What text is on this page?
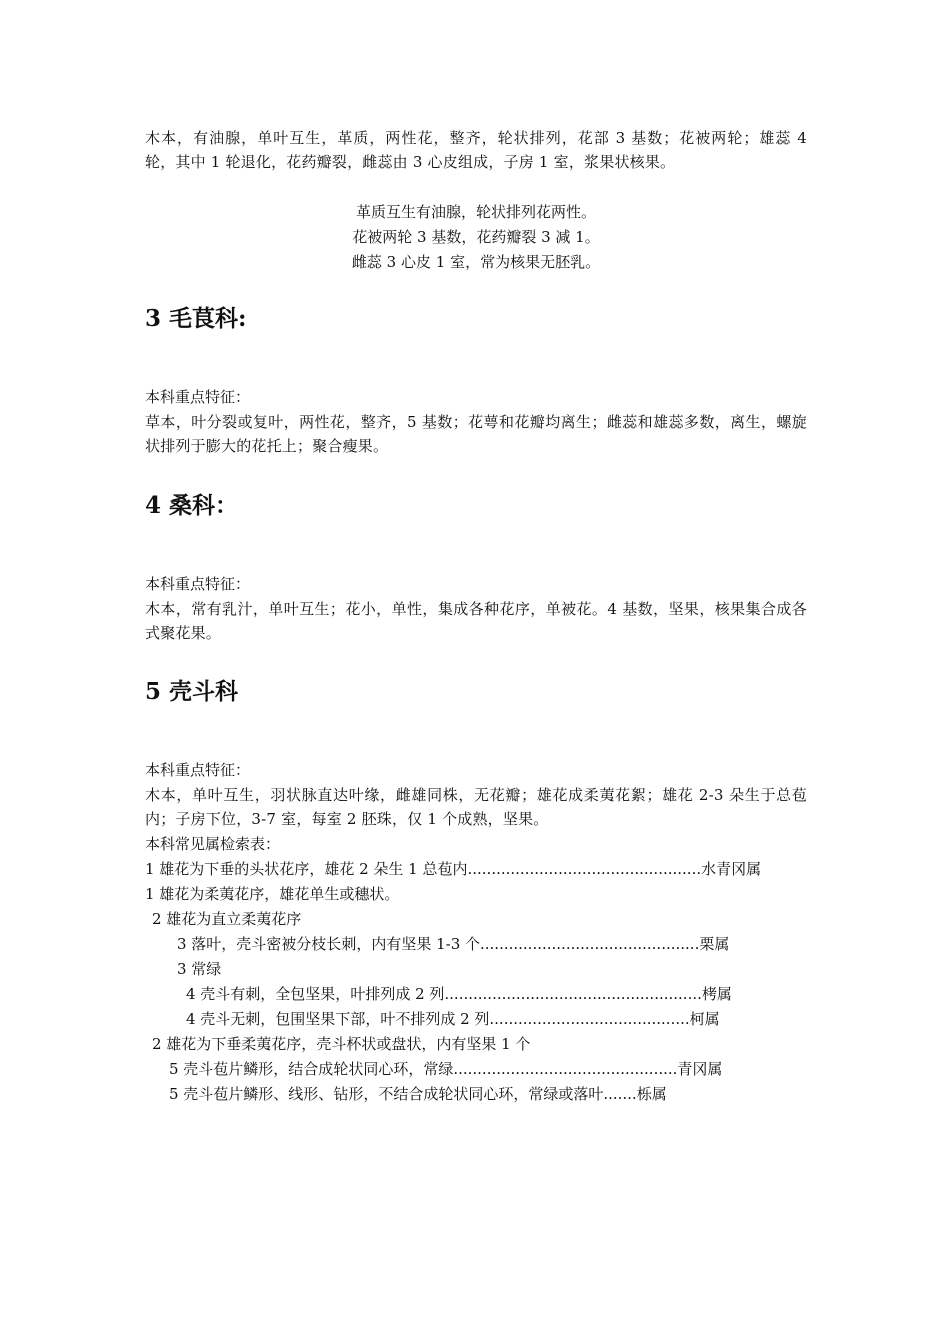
木本，有油腺，单叶互生，革质，两性花，整齐，轮状排列，花部 3 基数；花被两轮；雄蕊 4 轮，其中 1 轮退化，花药瓣裂，雌蕊由 3 心皮组成，子房 1 室，浆果状核果。
革质互生有油腺，轮状排列花两性。
花被两轮 3 基数，花药瓣裂 3 减 1。
雌蕊 3 心皮 1 室，常为核果无胚乳。
3 毛茛科:
本科重点特征：
草本，叶分裂或复叶，两性花，整齐，5 基数；花萼和花瓣均离生；雌蕊和雄蕊多数，离生，螺旋状排列于膨大的花托上；聚合瘦果。
4 桑科：
本科重点特征：
木本，常有乳汁，单叶互生；花小，单性，集成各种花序，单被花。4 基数，坚果，核果集合成各式聚花果。
5 壳斗科
本科重点特征：
木本，单叶互生，羽状脉直达叶缘，雌雄同株，无花瓣；雄花成柔荑花絮；雄花 2-3 朵生于总苞内；子房下位，3-7 室，每室 2 胚珠，仅 1 个成熟，坚果。
本科常见属检索表：
1 雄花为下垂的头状花序，雄花 2 朵生 1 总苞内.................................................水青冈属
1 雄花为柔荑花序，雄花单生或穗状。
2 雄花为直立柔荑花序
3 落叶，壳斗密被分枝长刺，内有坚果 1-3 个..............................................栗属
3 常绿
4 壳斗有刺，全包坚果，叶排列成 2 列......................................................栲属
4 壳斗无刺，包围坚果下部，叶不排列成 2 列..........................................柯属
2 雄花为下垂柔荑花序，壳斗杯状或盘状，内有坚果 1 个
5 壳斗苞片鳞形，结合成轮状同心环，常绿...............................................青冈属
5 壳斗苞片鳞形、线形、钻形，不结合成轮状同心环，常绿或落叶.......栎属
